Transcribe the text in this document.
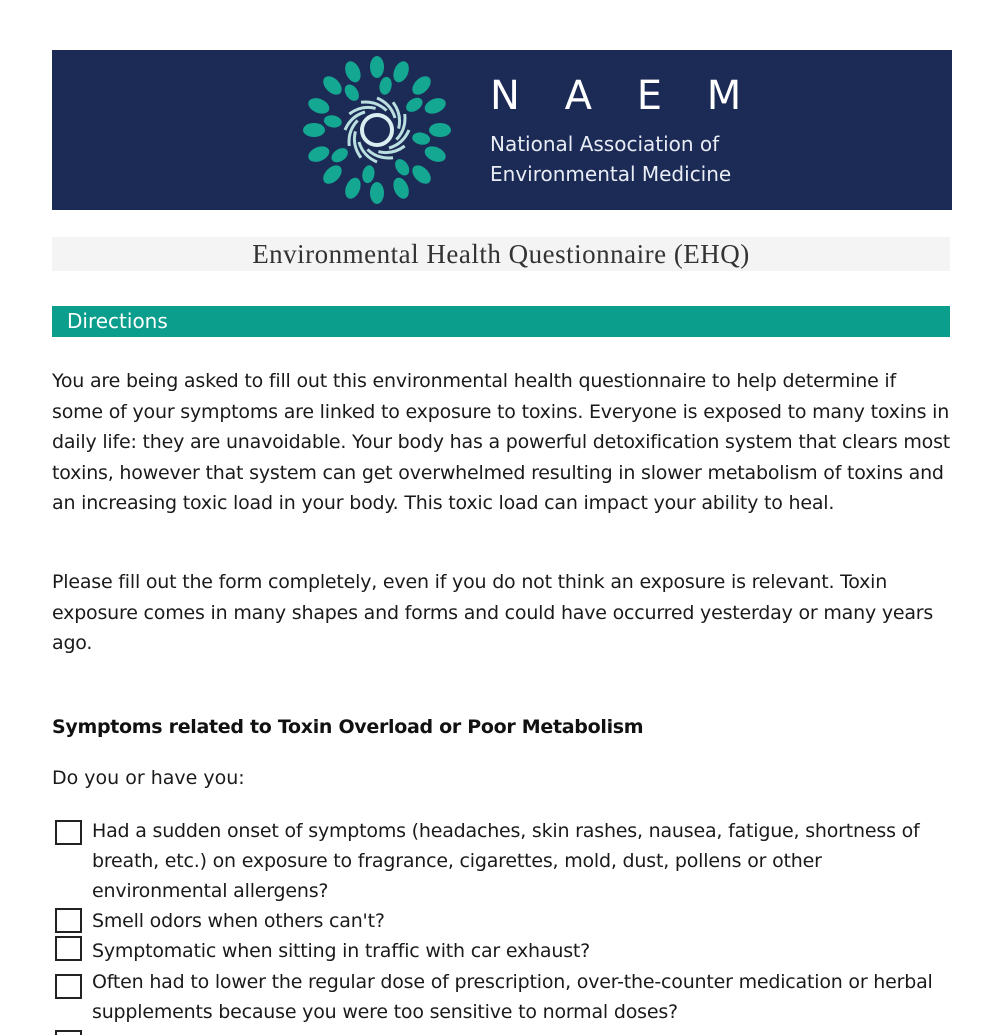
N A E M
National Association of
Environmental Medicine
Environmental Health Questionnaire (EHQ)
Directions

You are being asked to fill out this environmental health questionnaire to help determine if some of your symptoms are linked to exposure to toxins. Everyone is exposed to many toxins in daily life: they are unavoidable. Your body has a powerful detoxification system that clears most toxins, however that system can get overwhelmed resulting in slower metabolism of toxins and an increasing toxic load in your body. This toxic load can impact your ability to heal.

Please fill out the form completely, even if you do not think an exposure is relevant. Toxin exposure comes in many shapes and forms and could have occurred yesterday or many years ago.

Symptoms related to Toxin Overload or Poor Metabolism
Do you or have you:
Had a sudden onset of symptoms (headaches, skin rashes, nausea, fatigue, shortness of breath, etc.) on exposure to fragrance, cigarettes, mold, dust, pollens or other environmental allergens?
Smell odors when others can't?
Symptomatic when sitting in traffic with car exhaust?
Often had to lower the regular dose of prescription, over-the-counter medication or herbal supplements because you were too sensitive to normal doses?
